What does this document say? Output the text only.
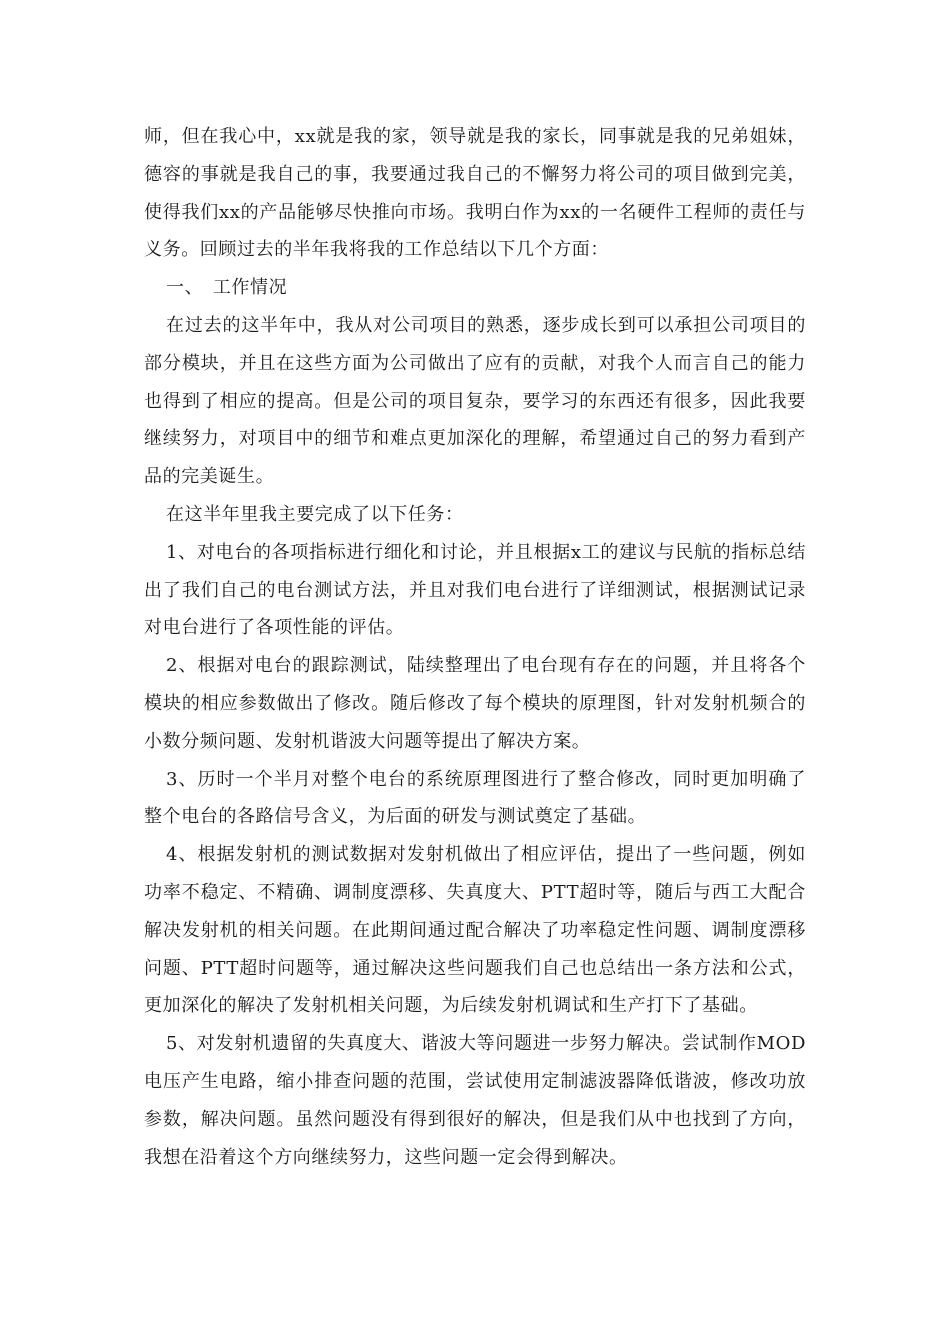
师，但在我心中，xx就是我的家，领导就是我的家长，同事就是我的兄弟姐妹，德容的事就是我自己的事，我要通过我自己的不懈努力将公司的项目做到完美，使得我们xx的产品能够尽快推向市场。我明白作为xx的一名硬件工程师的责任与义务。回顾过去的半年我将我的工作总结以下几个方面：

一、　工作情况

在过去的这半年中，我从对公司项目的熟悉，逐步成长到可以承担公司项目的部分模块，并且在这些方面为公司做出了应有的贡献，对我个人而言自己的能力也得到了相应的提高。但是公司的项目复杂，要学习的东西还有很多，因此我要继续努力，对项目中的细节和难点更加深化的理解，希望通过自己的努力看到产品的完美诞生。

在这半年里我主要完成了以下任务：

1、对电台的各项指标进行细化和讨论，并且根据x工的建议与民航的指标总结出了我们自己的电台测试方法，并且对我们电台进行了详细测试，根据测试记录对电台进行了各项性能的评估。

2、根据对电台的跟踪测试，陆续整理出了电台现有存在的问题，并且将各个模块的相应参数做出了修改。随后修改了每个模块的原理图，针对发射机频合的小数分频问题、发射机谐波大问题等提出了解决方案。

3、历时一个半月对整个电台的系统原理图进行了整合修改，同时更加明确了整个电台的各路信号含义，为后面的研发与测试奠定了基础。

4、根据发射机的测试数据对发射机做出了相应评估，提出了一些问题，例如功率不稳定、不精确、调制度漂移、失真度大、PTT超时等，随后与西工大配合解决发射机的相关问题。在此期间通过配合解决了功率稳定性问题、调制度漂移问题、PTT超时问题等，通过解决这些问题我们自己也总结出一条方法和公式，更加深化的解决了发射机相关问题，为后续发射机调试和生产打下了基础。

5、对发射机遗留的失真度大、谐波大等问题进一步努力解决。尝试制作MOD电压产生电路，缩小排查问题的范围，尝试使用定制滤波器降低谐波，修改功放参数，解决问题。虽然问题没有得到很好的解决，但是我们从中也找到了方向，我想在沿着这个方向继续努力，这些问题一定会得到解决。
